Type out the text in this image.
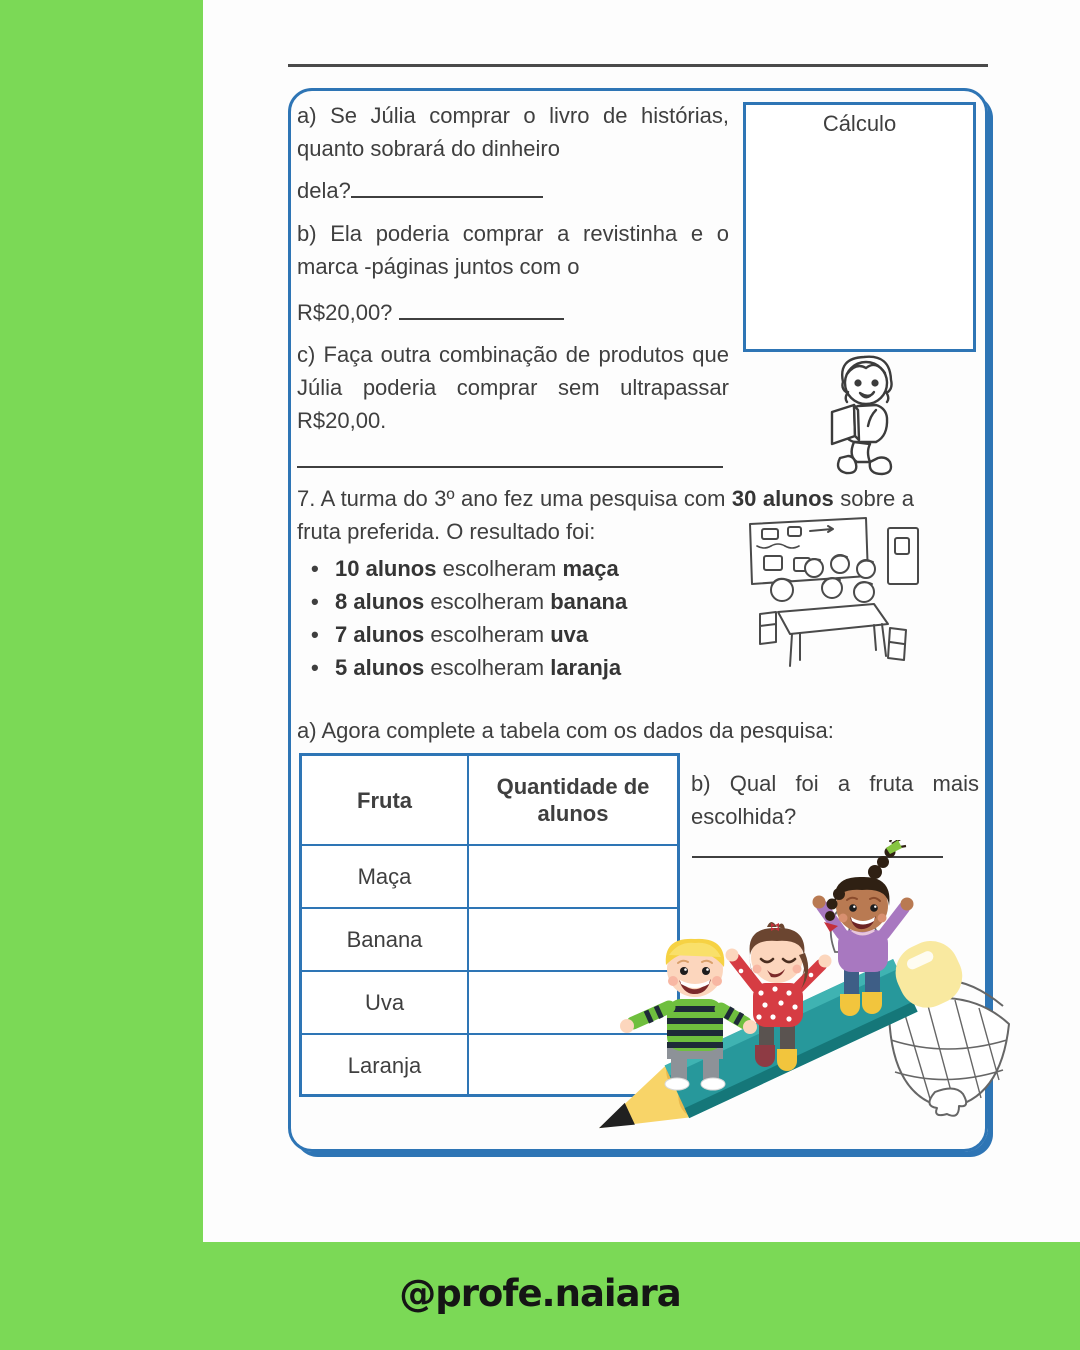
Cálculo
a) Se Júlia comprar o livro de histórias,
quanto sobrará do dinheiro
dela?
b) Ela poderia comprar a revistinha e o
marca -páginas juntos com o
R$20,00?
c) Faça outra combinação de produtos que
Júlia poderia comprar sem ultrapassar
R$20,00.
7. A turma do 3º ano fez uma pesquisa com 30 alunos sobre a
fruta preferida. O resultado foi:
• 10 alunos escolheram maça
• 8 alunos escolheram banana
• 7 alunos escolheram uva
• 5 alunos escolheram laranja
a) Agora complete a tabela com os dados da pesquisa:
Fruta
Quantidade de alunos
Maça
Banana
Uva
Laranja
b) Qual foi a fruta mais
escolhida?
@profe.naiara
